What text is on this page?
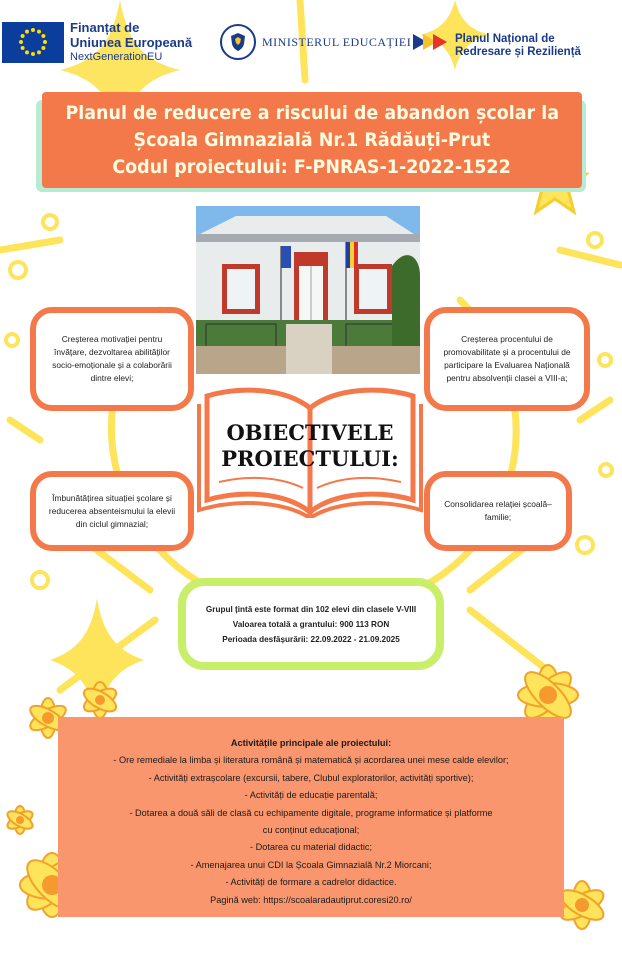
Finanțat de
Uniunea Europeană
NextGenerationEU
MINISTERUL EDUCAȚIEI	Planul Național de
Redresare și Reziliență
Planul de reducere a riscului de abandon școlar la
Școala Gimnazială Nr.1 Rădăuți-Prut
Codul proiectului: F-PNRAS-1-2022-1522
Creșterea motivației pentru învățare, dezvoltarea abilităților socio-emoționale și a colaborării dintre elevi;
Creșterea procentului de promovabilitate și a procentului de participare la Evaluarea Națională pentru absolvenții clasei a VIII-a;
Îmbunătățirea situației școlare și reducerea absenteismului la elevii din ciclul gimnazial;
Consolidarea relației școală–familie;
OBIECTIVELE
PROIECTULUI:
Grupul țintă este format din 102 elevi din clasele V-VIII
Valoarea totală a grantului: 900 113 RON
Perioada desfășurării: 22.09.2022 - 21.09.2025
Activitățile principale ale proiectului:
- Ore remediale la limba și literatura română și matematică și acordarea unei mese calde elevilor;
- Activități extrașcolare (excursii, tabere, Clubul exploratorilor, activități sportive);
- Activități de educație parentală;
- Dotarea a două săli de clasă cu echipamente digitale, programe informatice și platforme
cu conținut educațional;
- Dotarea cu material didactic;
- Amenajarea unui CDI la Școala Gimnazială Nr.2 Miorcani;
- Activități de formare a cadrelor didactice.
Pagină web: https://scoalaradautiprut.coresi20.ro/
